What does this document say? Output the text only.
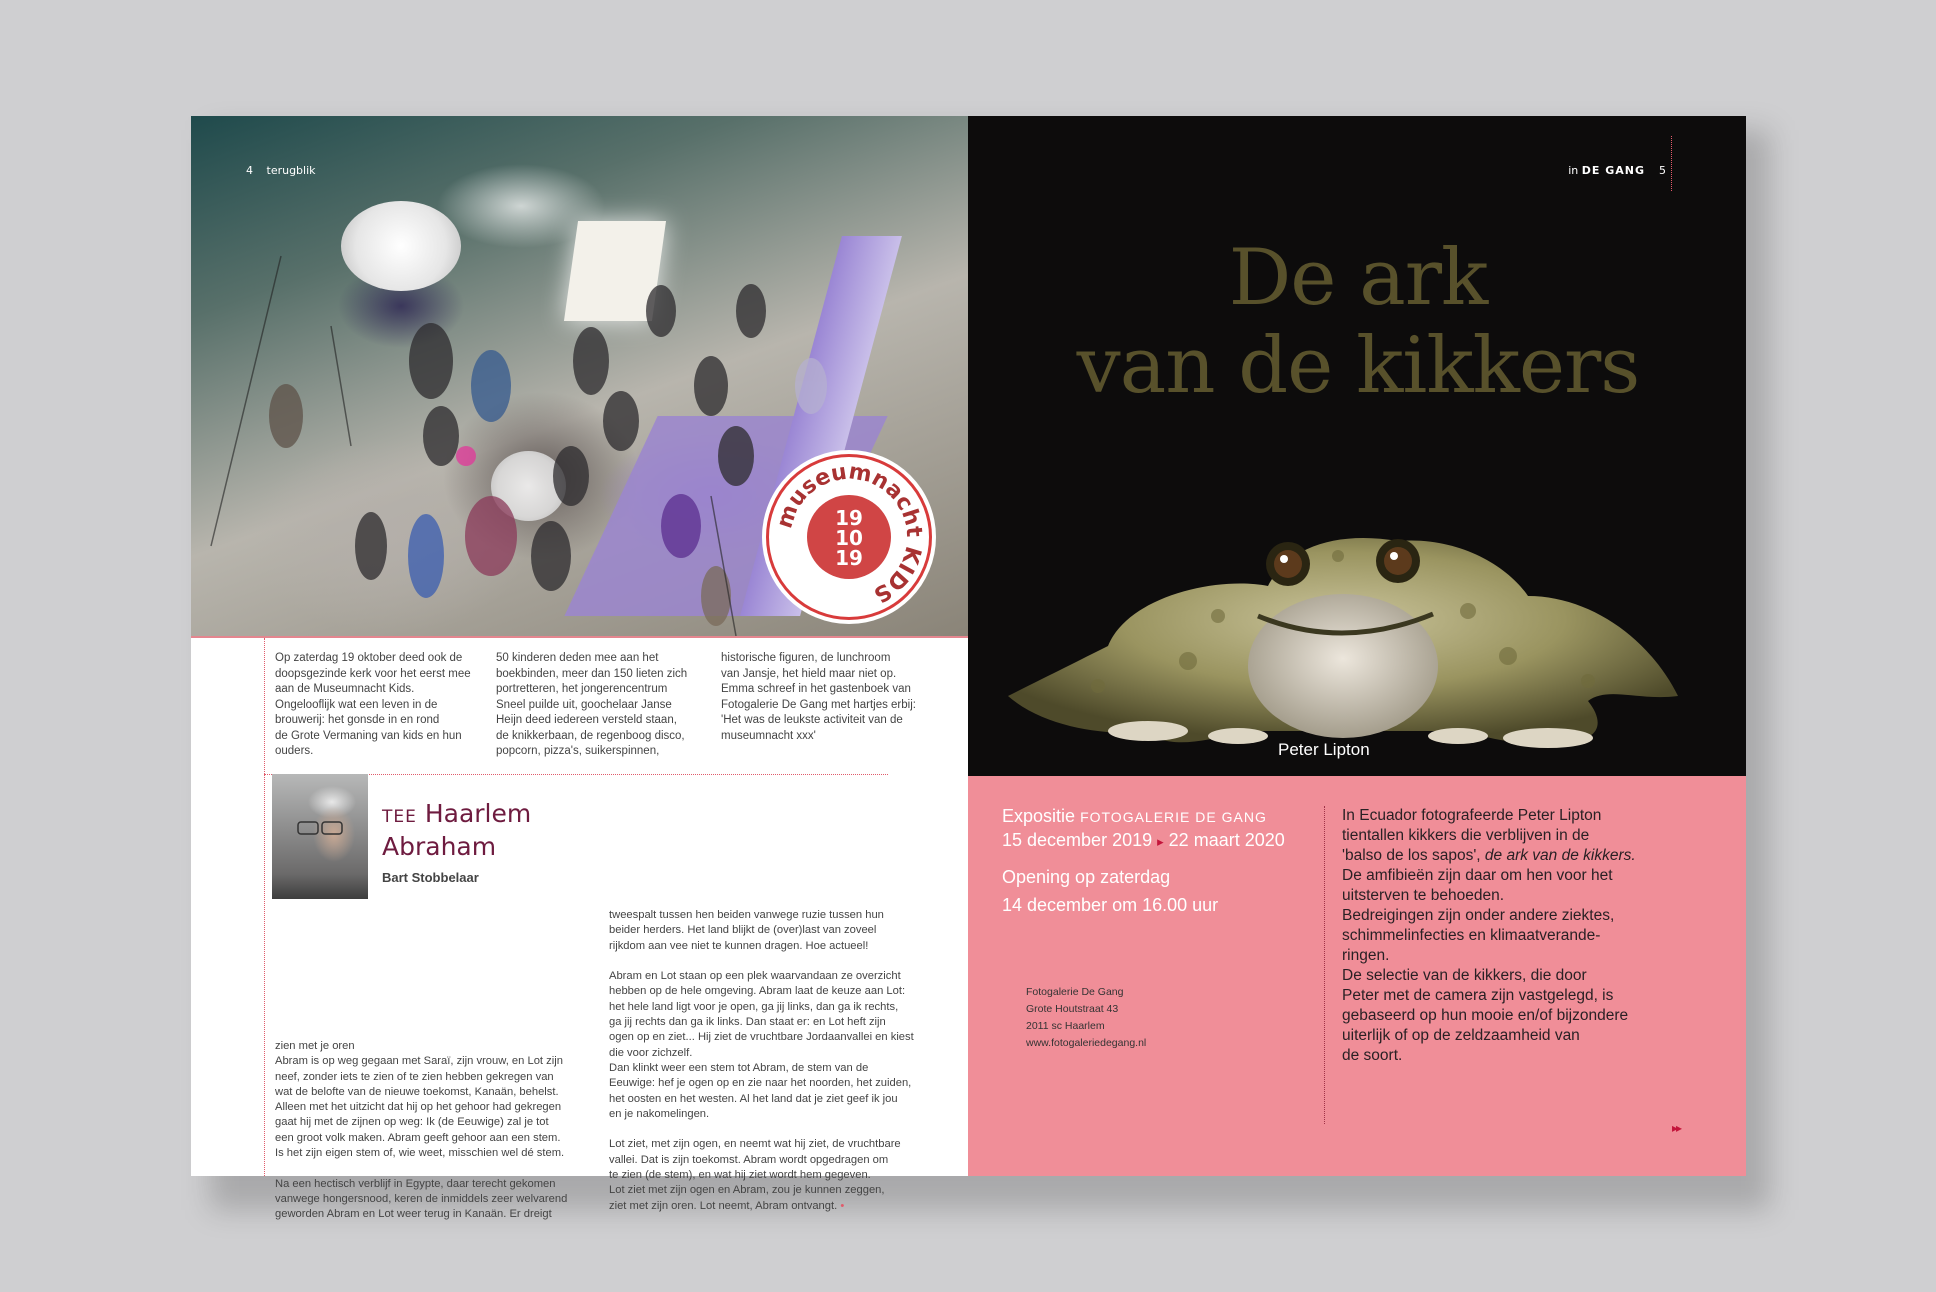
4 terugblik
museumnacht KIDS
19
10
19
Op zaterdag 19 oktober deed ook de
doopsgezinde kerk voor het eerst mee
aan de Museumnacht Kids.
Ongelooflijk wat een leven in de
brouwerij: het gonsde in en rond
de Grote Vermaning van kids en hun
ouders.
50 kinderen deden mee aan het
boekbinden, meer dan 150 lieten zich
portretteren, het jongerencentrum
Sneel puilde uit, goochelaar Janse
Heijn deed iedereen versteld staan,
de knikkerbaan, de regenboog disco,
popcorn, pizza's, suikerspinnen,
historische figuren, de lunchroom
van Jansje, het hield maar niet op.
Emma schreef in het gastenboek van
Fotogalerie De Gang met hartjes erbij:
'Het was de leukste activiteit van de
museumnacht xxx'
TEE Haarlem
Abraham
Bart Stobbelaar
zien met je oren
Abram is op weg gegaan met Saraï, zijn vrouw, en Lot zijn
neef, zonder iets te zien of te zien hebben gekregen van
wat de belofte van de nieuwe toekomst, Kanaän, behelst.
Alleen met het uitzicht dat hij op het gehoor had gekregen
gaat hij met de zijnen op weg: Ik (de Eeuwige) zal je tot
een groot volk maken. Abram geeft gehoor aan een stem.
Is het zijn eigen stem of, wie weet, misschien wel dé stem.

Na een hectisch verblijf in Egypte, daar terecht gekomen
vanwege hongersnood, keren de inmiddels zeer welvarend
geworden Abram en Lot weer terug in Kanaän. Er dreigt
tweespalt tussen hen beiden vanwege ruzie tussen hun
beider herders. Het land blijkt de (over)last van zoveel
rijkdom aan vee niet te kunnen dragen. Hoe actueel!

Abram en Lot staan op een plek waarvandaan ze overzicht
hebben op de hele omgeving. Abram laat de keuze aan Lot:
het hele land ligt voor je open, ga jij links, dan ga ik rechts,
ga jij rechts dan ga ik links. Dan staat er: en Lot heft zijn
ogen op en ziet... Hij ziet de vruchtbare Jordaanvallei en kiest
die voor zichzelf.
Dan klinkt weer een stem tot Abram, de stem van de
Eeuwige: hef je ogen op en zie naar het noorden, het zuiden,
het oosten en het westen. Al het land dat je ziet geef ik jou
en je nakomelingen.

Lot ziet, met zijn ogen, en neemt wat hij ziet, de vruchtbare
vallei. Dat is zijn toekomst. Abram wordt opgedragen om
te zien (de stem), en wat hij ziet wordt hem gegeven.
Lot ziet met zijn ogen en Abram, zou je kunnen zeggen,
ziet met zijn oren. Lot neemt, Abram ontvangt. •
in DE GANG 5
De ark
van de kikkers
Peter Lipton
Expositie FOTOGALERIE DE GANG
15 december 2019 ▸ 22 maart 2020
Opening op zaterdag
14 december om 16.00 uur
Fotogalerie De Gang
Grote Houtstraat 43
2011 sc Haarlem
www.fotogaleriedegang.nl
In Ecuador fotografeerde Peter Lipton
tientallen kikkers die verblijven in de
'balso de los sapos', de ark van de kikkers.
De amfibieën zijn daar om hen voor het
uitsterven te behoeden.
Bedreigingen zijn onder andere ziektes,
schimmelinfecties en klimaatverande-
ringen.
De selectie van de kikkers, die door
Peter met de camera zijn vastgelegd, is
gebaseerd op hun mooie en/of bijzondere
uiterlijk of op de zeldzaamheid van
de soort.
▸▸
